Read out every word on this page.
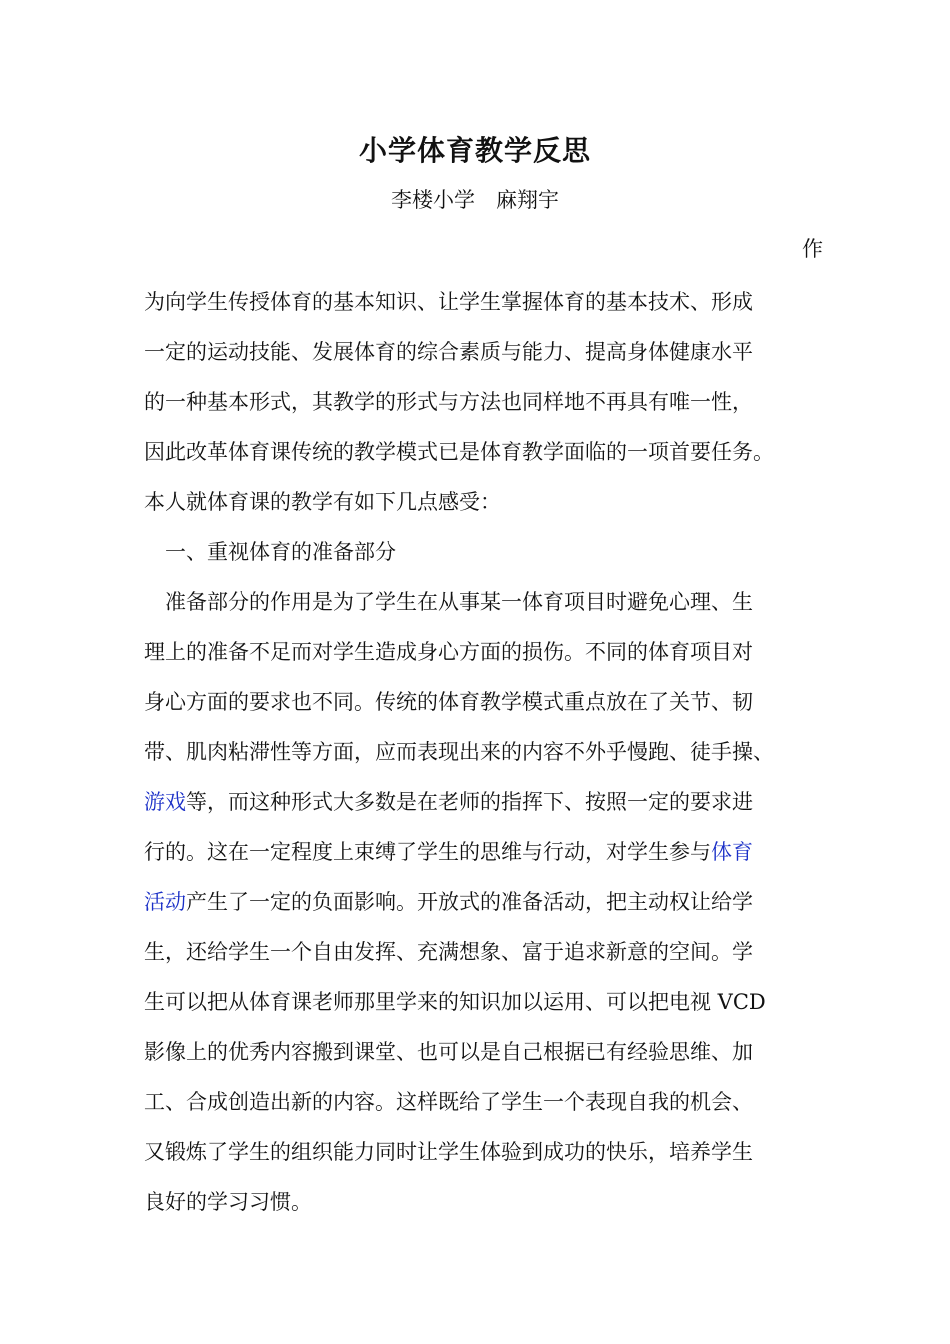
小学体育教学反思
李楼小学　麻翔宇
作
为向学生传授体育的基本知识、让学生掌握体育的基本技术、形成
一定的运动技能、发展体育的综合素质与能力、提高身体健康水平
的一种基本形式，其教学的形式与方法也同样地不再具有唯一性，
因此改革体育课传统的教学模式已是体育教学面临的一项首要任务。
本人就体育课的教学有如下几点感受：
　一、重视体育的准备部分
　准备部分的作用是为了学生在从事某一体育项目时避免心理、生
理上的准备不足而对学生造成身心方面的损伤。不同的体育项目对
身心方面的要求也不同。传统的体育教学模式重点放在了关节、韧
带、肌肉粘滞性等方面，应而表现出来的内容不外乎慢跑、徒手操、
游戏等，而这种形式大多数是在老师的指挥下、按照一定的要求进
行的。这在一定程度上束缚了学生的思维与行动，对学生参与体育
活动产生了一定的负面影响。开放式的准备活动，把主动权让给学
生，还给学生一个自由发挥、充满想象、富于追求新意的空间。学
生可以把从体育课老师那里学来的知识加以运用、可以把电视 VCD
影像上的优秀内容搬到课堂、也可以是自己根据已有经验思维、加
工、合成创造出新的内容。这样既给了学生一个表现自我的机会、
又锻炼了学生的组织能力同时让学生体验到成功的快乐，培养学生
良好的学习习惯。
